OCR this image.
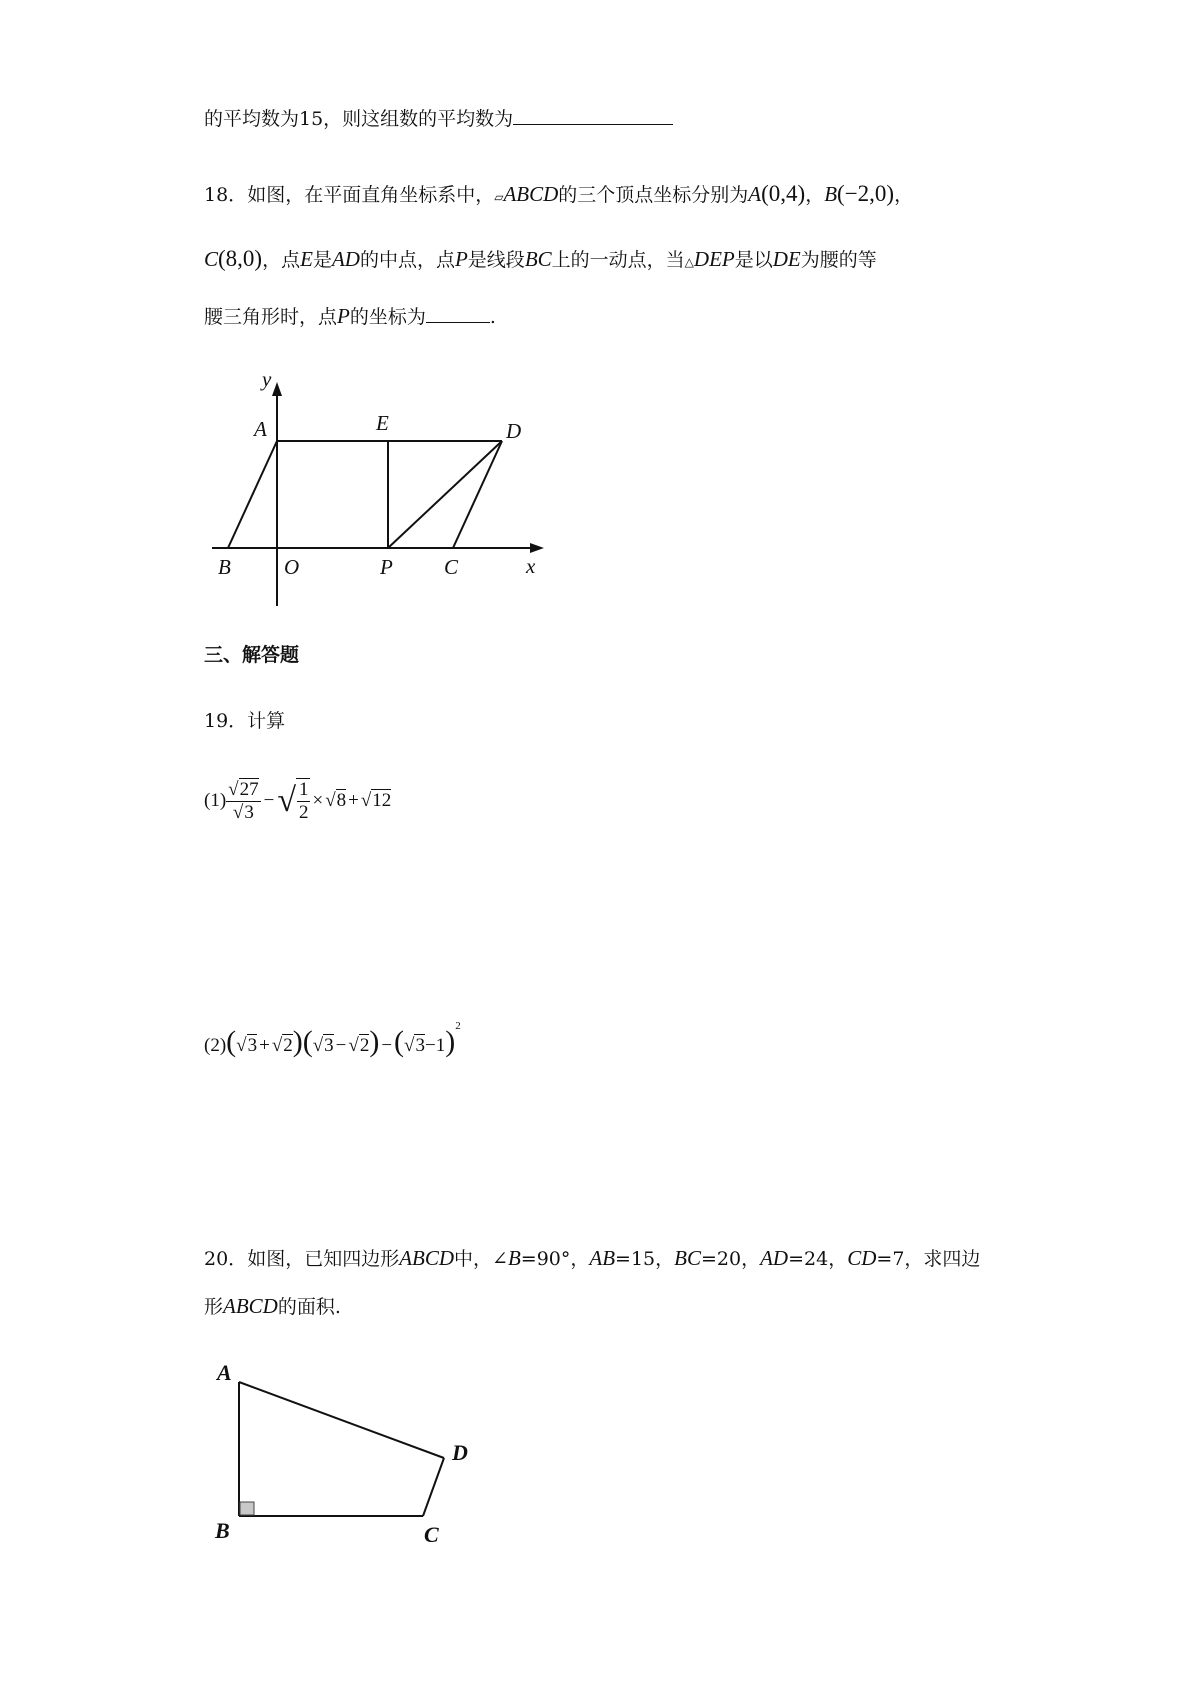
的平均数为15，则这组数的平均数为
18．如图，在平面直角坐标系中，▱ABCD的三个顶点坐标分别为A(0,4)，B(−2,0)，
C(8,0)，点E是AD的中点，点P是线段BC上的一动点，当△DEP是以DE为腰的等
腰三角形时，点P的坐标为	.
y
A	E	D
B	O	P C	x
三、解答题
19．计算
$(1) \frac{√27}{√3}$ −√ $\frac{1}{2} \times √8 + √12$
$(2)(√3 + √2)(√3 - √2) -(√3-1)^2$
20．如图，已知四边形ABCD中，∠B=90°，AB=15，BC=20，AD=24，CD=7，求四边
形ABCD的面积.
A
B	C
D
